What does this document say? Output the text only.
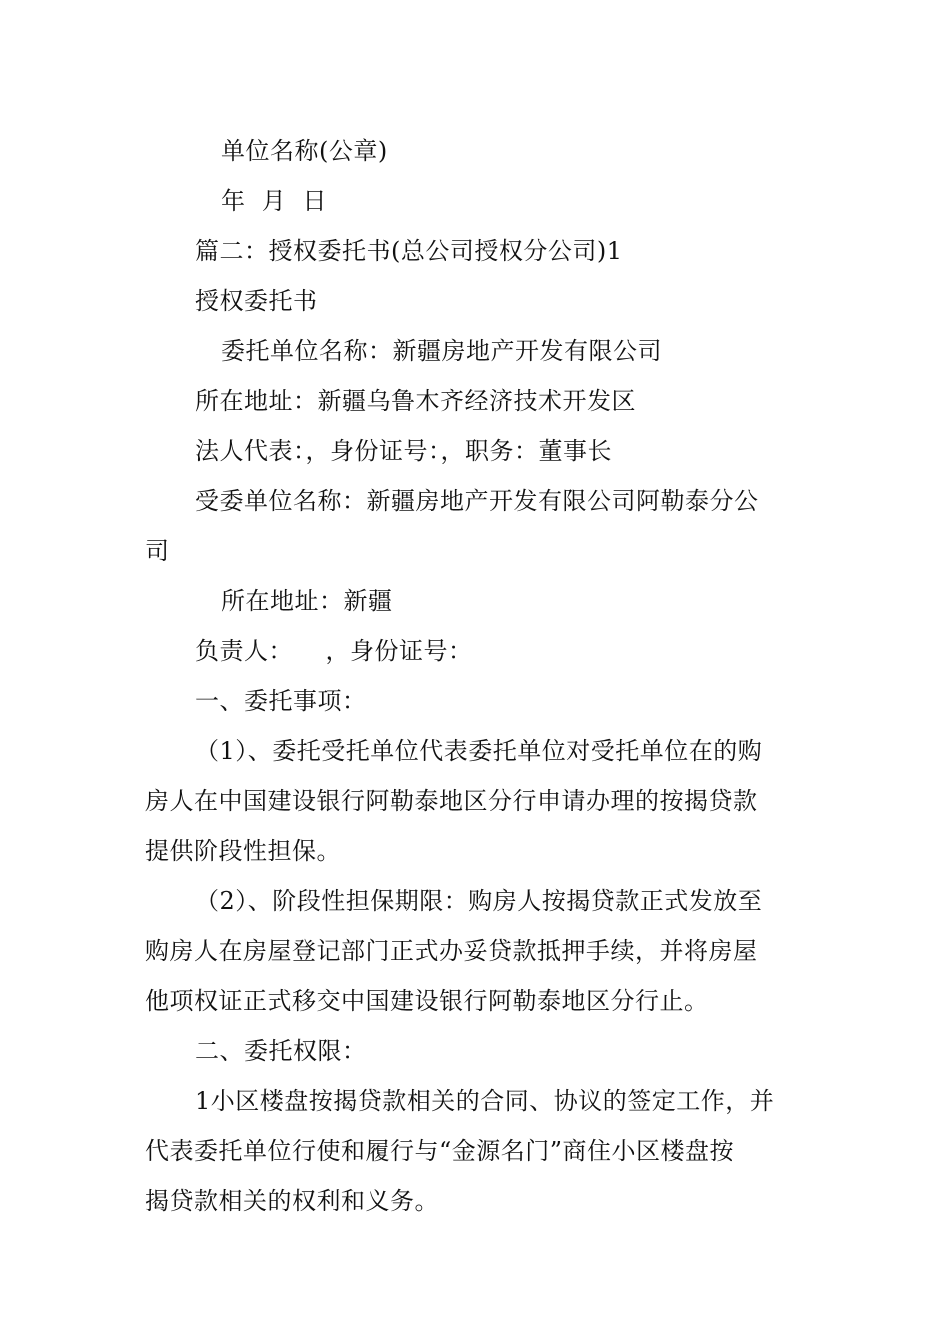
单位名称(公章)
年  月  日
篇二：授权委托书(总公司授权分公司)1
授权委托书
委托单位名称：新疆房地产开发有限公司
所在地址：新疆乌鲁木齐经济技术开发区
法人代表：，身份证号：，职务：董事长
受委单位名称：新疆房地产开发有限公司阿勒泰分公
司
所在地址：新疆
负责人：    ，身份证号：
一、委托事项：
（1）、委托受托单位代表委托单位对受托单位在的购
房人在中国建设银行阿勒泰地区分行申请办理的按揭贷款
提供阶段性担保。
（2）、阶段性担保期限：购房人按揭贷款正式发放至
购房人在房屋登记部门正式办妥贷款抵押手续，并将房屋
他项权证正式移交中国建设银行阿勒泰地区分行止。
二、委托权限：
1小区楼盘按揭贷款相关的合同、协议的签定工作，并
代表委托单位行使和履行与“金源名门”商住小区楼盘按
揭贷款相关的权利和义务。
